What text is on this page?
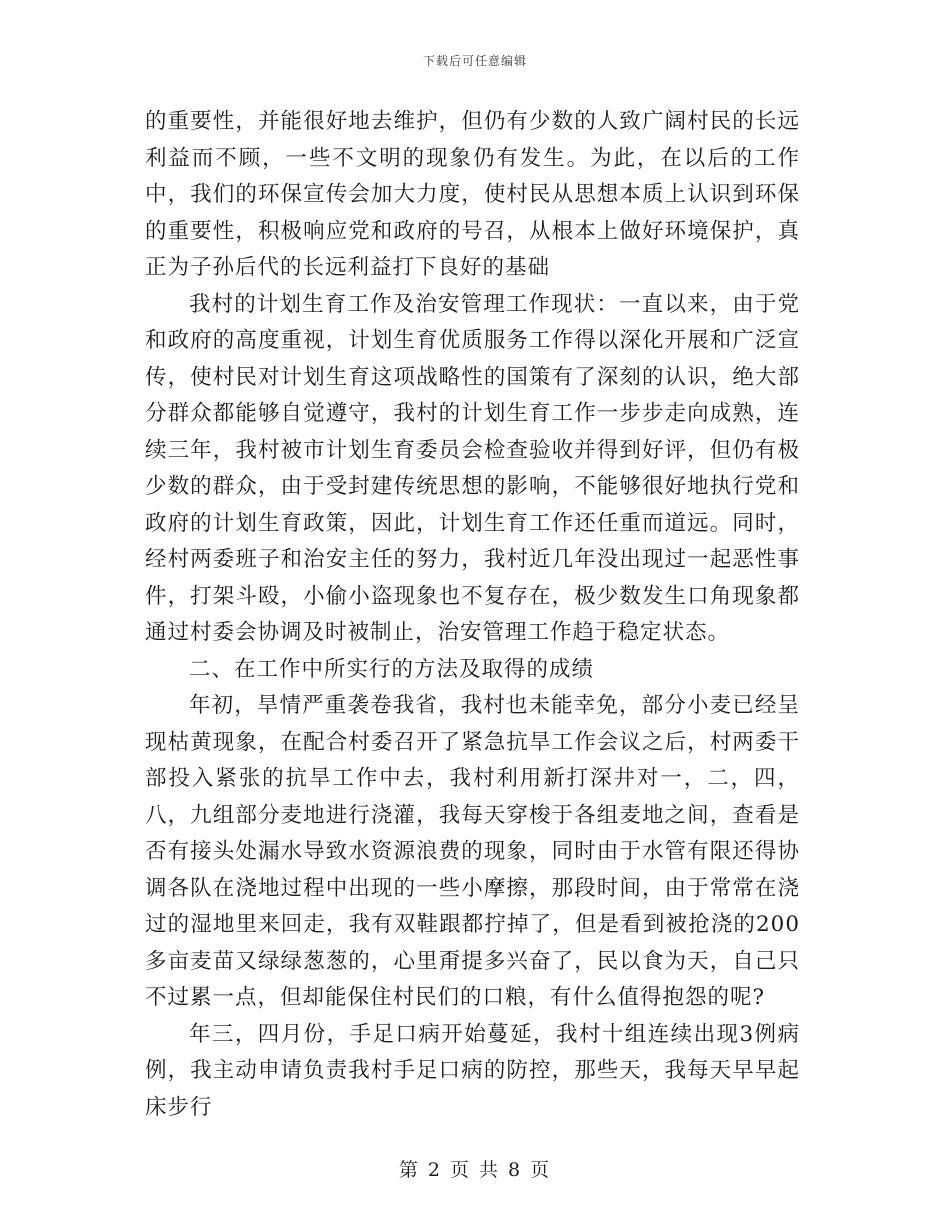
下载后可任意编辑

的重要性，并能很好地去维护，但仍有少数的人致广阔村民的长远利益而不顾，一些不文明的现象仍有发生。为此，在以后的工作中，我们的环保宣传会加大力度，使村民从思想本质上认识到环保的重要性，积极响应党和政府的号召，从根本上做好环境保护，真正为子孙后代的长远利益打下良好的基础

我村的计划生育工作及治安管理工作现状：一直以来，由于党和政府的高度重视，计划生育优质服务工作得以深化开展和广泛宣传，使村民对计划生育这项战略性的国策有了深刻的认识，绝大部分群众都能够自觉遵守，我村的计划生育工作一步步走向成熟，连续三年，我村被市计划生育委员会检查验收并得到好评，但仍有极少数的群众，由于受封建传统思想的影响，不能够很好地执行党和政府的计划生育政策，因此，计划生育工作还任重而道远。同时，经村两委班子和治安主任的努力，我村近几年没出现过一起恶性事件，打架斗殴，小偷小盗现象也不复存在，极少数发生口角现象都通过村委会协调及时被制止，治安管理工作趋于稳定状态。

二、在工作中所实行的方法及取得的成绩

年初，旱情严重袭卷我省，我村也未能幸免，部分小麦已经呈现枯黄现象，在配合村委召开了紧急抗旱工作会议之后，村两委干部投入紧张的抗旱工作中去，我村利用新打深井对一，二，四，八，九组部分麦地进行浇灌，我每天穿梭于各组麦地之间，查看是否有接头处漏水导致水资源浪费的现象，同时由于水管有限还得协调各队在浇地过程中出现的一些小摩擦，那段时间，由于常常在浇过的湿地里来回走，我有双鞋跟都拧掉了，但是看到被抢浇的200多亩麦苗又绿绿葱葱的，心里甭提多兴奋了，民以食为天，自己只不过累一点，但却能保住村民们的口粮，有什么值得抱怨的呢?

年三，四月份，手足口病开始蔓延，我村十组连续出现3例病例，我主动申请负责我村手足口病的防控，那些天，我每天早早起床步行

第 2 页 共 8 页
